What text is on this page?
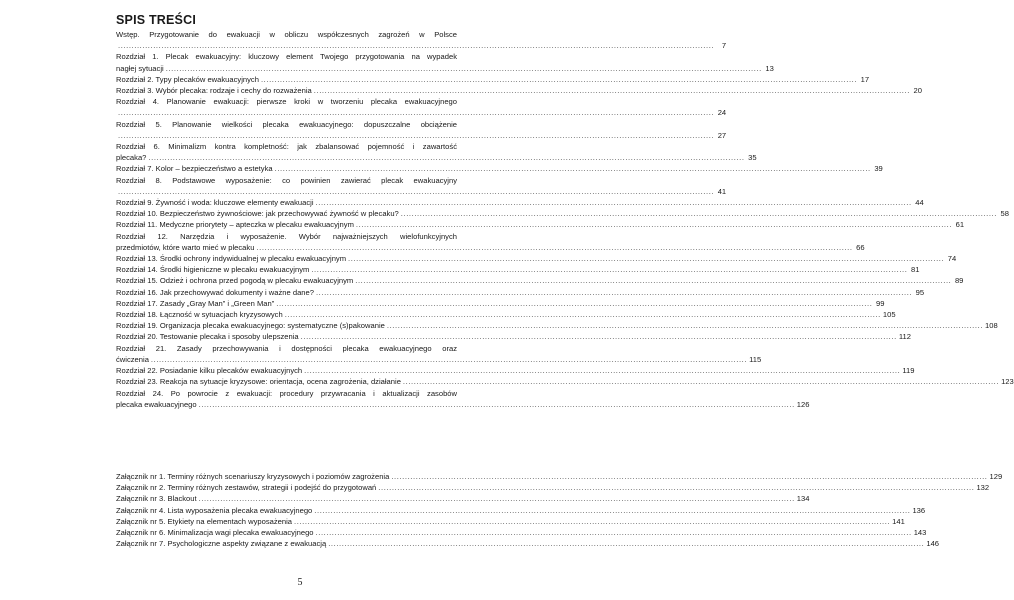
SPIS TREŚCI
Wstęp. Przygotowanie do ewakuacji w obliczu współczesnych zagrożeń w Polsce
............................................................................................................................................................................................................................	7
Rozdział 1. Plecak ewakuacyjny: kluczowy element Twojego przygotowania na wypadek
nagłej sytuacji ............................................................................................................................................................................................................................ 13
Rozdział 2. Typy plecaków ewakuacyjnych ............................................................................................................................................................................................................................ 17
Rozdział 3. Wybór plecaka: rodzaje i cechy do rozważenia ............................................................................................................................................................................................................................ 20
Rozdział 4. Planowanie ewakuacji: pierwsze kroki w tworzeniu plecaka ewakuacyjnego
............................................................................................................................................................................................................................ 24
Rozdział 5. Planowanie wielkości plecaka ewakuacyjnego: dopuszczalne obciążenie
............................................................................................................................................................................................................................ 27
Rozdział 6. Minimalizm kontra kompletność: jak zbalansować pojemność i zawartość
plecaka? ............................................................................................................................................................................................................................ 35
Rozdział 7. Kolor – bezpieczeństwo a estetyka ............................................................................................................................................................................................................................ 39
Rozdział 8. Podstawowe wyposażenie: co powinien zawierać plecak ewakuacyjny
............................................................................................................................................................................................................................ 41
Rozdział 9. Żywność i woda: kluczowe elementy ewakuacji ............................................................................................................................................................................................................................ 44
Rozdział 10. Bezpieczeństwo żywnościowe: jak przechowywać żywność w plecaku? ............................................................................................................................................................................................................................ 58
Rozdział 11. Medyczne priorytety – apteczka w plecaku ewakuacyjnym ............................................................................................................................................................................................................................ 61
Rozdział 12. Narzędzia i wyposażenie. Wybór najważniejszych wielofunkcyjnych
przedmiotów, które warto mieć w plecaku ............................................................................................................................................................................................................................ 66
Rozdział 13. Środki ochrony indywidualnej w plecaku ewakuacyjnym ............................................................................................................................................................................................................................ 74
Rozdział 14. Środki higieniczne w plecaku ewakuacyjnym ............................................................................................................................................................................................................................ 81
Rozdział 15. Odzież i ochrona przed pogodą w plecaku ewakuacyjnym ............................................................................................................................................................................................................................ 89
Rozdział 16. Jak przechowywać dokumenty i ważne dane? ............................................................................................................................................................................................................................ 95
Rozdział 17. Zasady „Gray Man” i „Green Man” ............................................................................................................................................................................................................................ 99
Rozdział 18. Łączność w sytuacjach kryzysowych ............................................................................................................................................................................................................................ 105
Rozdział 19. Organizacja plecaka ewakuacyjnego: systematyczne (s)pakowanie ............................................................................................................................................................................................................................ 108
Rozdział 20. Testowanie plecaka i sposoby ulepszenia ............................................................................................................................................................................................................................ 112
Rozdział 21. Zasady przechowywania i dostępności plecaka ewakuacyjnego oraz
ćwiczenia ............................................................................................................................................................................................................................ 115
Rozdział 22. Posiadanie kilku plecaków ewakuacyjnych ............................................................................................................................................................................................................................ 119
Rozdział 23. Reakcja na sytuacje kryzysowe: orientacja, ocena zagrożenia, działanie ............................................................................................................................................................................................................................ 123
Rozdział 24. Po powrocie z ewakuacji: procedury przywracania i aktualizacji zasobów
plecaka ewakuacyjnego ............................................................................................................................................................................................................................ 126
Załącznik nr 1. Terminy różnych scenariuszy kryzysowych i poziomów zagrożenia ............................................................................................................................................................................................................................ 129
Załącznik nr 2. Terminy różnych zestawów, strategii i podejść do przygotowań ............................................................................................................................................................................................................................ 132
Załącznik nr 3. Blackout ............................................................................................................................................................................................................................ 134
Załącznik nr 4. Lista wyposażenia plecaka ewakuacyjnego ............................................................................................................................................................................................................................ 136
Załącznik nr 5. Etykiety na elementach wyposażenia ............................................................................................................................................................................................................................ 141
Załącznik nr 6. Minimalizacja wagi plecaka ewakuacyjnego ............................................................................................................................................................................................................................ 143
Załącznik nr 7. Psychologiczne aspekty związane z ewakuacją ............................................................................................................................................................................................................................ 146
5
